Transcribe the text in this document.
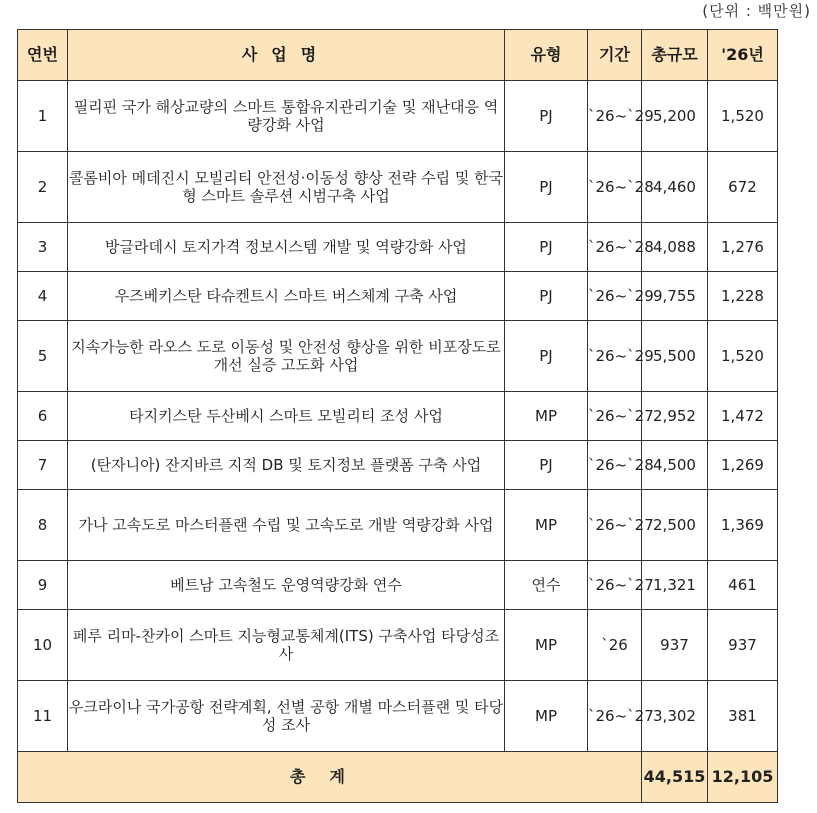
(단위 : 백만원)
연번	사업명	유형	기간	총규모	'26년
1	필리핀 국가 해상교량의 스마트 통합유지관리기술 및 재난대응 역량강화 사업	PJ	`26~`29	5,200	1,520
2	콜롬비아 메데진시 모빌리티 안전성·이동성 향상 전략 수립 및 한국형 스마트 솔루션 시범구축 사업	PJ	`26~`28	4,460	672
3	방글라데시 토지가격 정보시스템 개발 및 역량강화 사업	PJ	`26~`28	4,088	1,276
4	우즈베키스탄 타슈켄트시 스마트 버스체계 구축 사업	PJ	`26~`29	9,755	1,228
5	지속가능한 라오스 도로 이동성 및 안전성 향상을 위한 비포장도로 개선 실증 고도화 사업	PJ	`26~`29	5,500	1,520
6	타지키스탄 두산베시 스마트 모빌리티 조성 사업	MP	`26~`27	2,952	1,472
7	(탄자니아) 잔지바르 지적 DB 및 토지정보 플랫폼 구축 사업	PJ	`26~`28	4,500	1,269
8	가나 고속도로 마스터플랜 수립 및 고속도로 개발 역량강화 사업	MP	`26~`27	2,500	1,369
9	베트남 고속철도 운영역량강화 연수	연수	`26~`27	1,321	461
10	페루 리마-찬카이 스마트 지능형교통체계(ITS) 구축사업 타당성조사	MP	`26	937	937
11	우크라이나 국가공항 전략계획, 선별 공항 개별 마스터플랜 및 타당성 조사	MP	`26~`27	3,302	381
총계				44,515	12,105
